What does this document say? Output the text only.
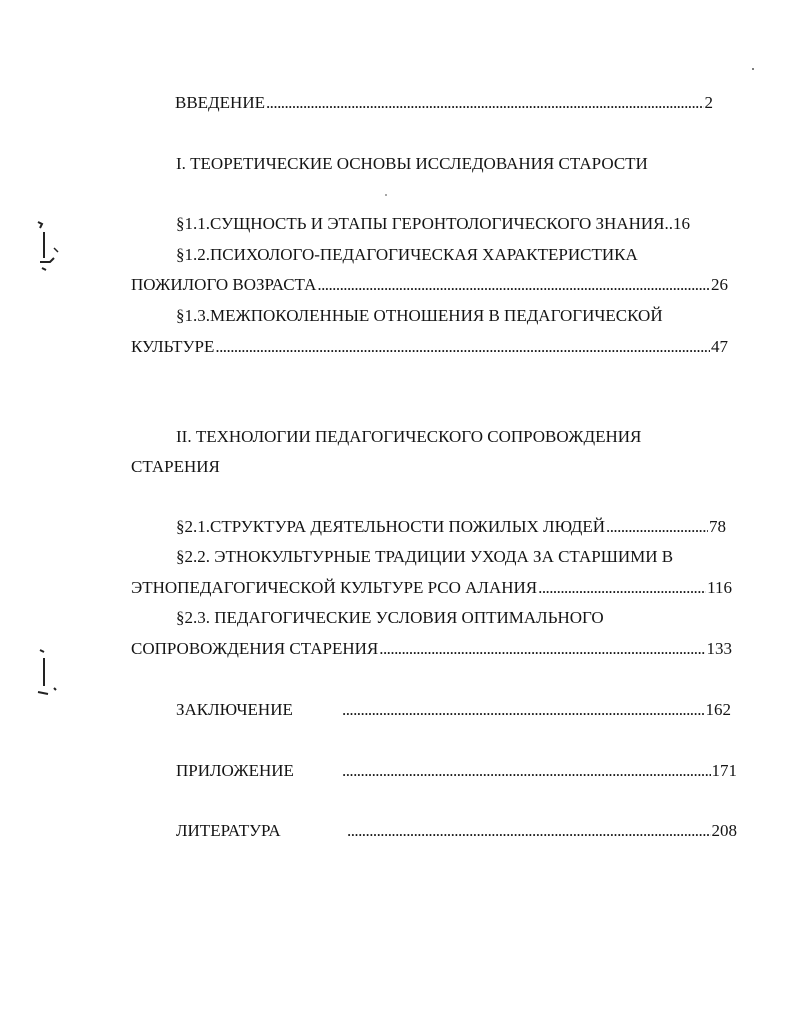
ВВЕДЕНИЕ . . .	2
I. ТЕОРЕТИЧЕСКИЕ ОСНОВЫ ИССЛЕДОВАНИЯ СТАРОСТИ
§1.1.СУЩНОСТЬ И ЭТАПЫ ГЕРОНТОЛОГИЧЕСКОГО ЗНАНИЯ..16
§1.2.ПСИХОЛОГО-ПЕДАГОГИЧЕСКАЯ ХАРАКТЕРИСТИКА
ПОЖИЛОГО ВОЗРАСТА . . .	26
§1.3.МЕЖПОКОЛЕННЫЕ ОТНОШЕНИЯ В ПЕДАГОГИЧЕСКОЙ
КУЛЬТУРЕ . . .	47
II. ТЕХНОЛОГИИ ПЕДАГОГИЧЕСКОГО СОПРОВОЖДЕНИЯ
СТАРЕНИЯ
§2.1.СТРУКТУРА ДЕЯТЕЛЬНОСТИ ПОЖИЛЫХ ЛЮДЕЙ . . .	78
§2.2. ЭТНОКУЛЬТУРНЫЕ ТРАДИЦИИ УХОДА ЗА СТАРШИМИ В
ЭТНОПЕДАГОГИЧЕСКОЙ КУЛЬТУРЕ РСО АЛАНИЯ . . .	116
§2.3. ПЕДАГОГИЧЕСКИЕ УСЛОВИЯ ОПТИМАЛЬНОГО
СОПРОВОЖДЕНИЯ СТАРЕНИЯ . . .	133
ЗАКЛЮЧЕНИЕ . . .	162
ПРИЛОЖЕНИЕ . . .	171
ЛИТЕРАТУРА . . .	208
